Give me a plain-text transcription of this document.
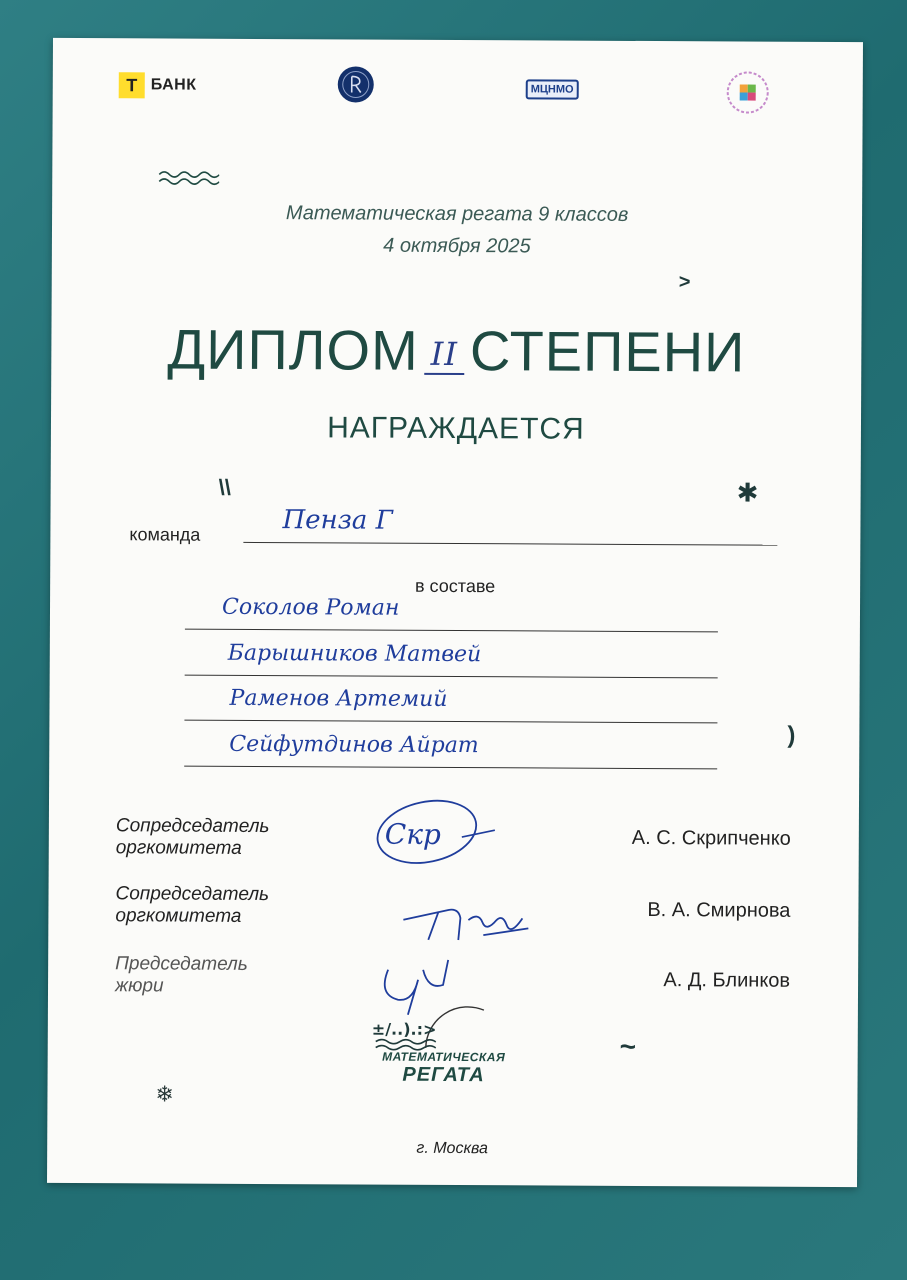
Т БАНК	МЦНМО
Математическая регата 9 классов
4 октября 2025
>
ДИПЛОМ II СТЕПЕНИ
НАГРАЖДАЕТСЯ
\\	✱
команда	Пенза Г
в составе
Соколов Роман
Барышников Матвей
Раменов Артемий
Сейфутдинов Айрат	)
Сопредседатель
оргкомитета	Скр	А. С. Скрипченко
Сопредседатель
оргкомитета	В. А. Смирнова
Председатель
жюри	А. Д. Блинков
~
❄
±/..).:>
МАТЕМАТИЧЕСКАЯ
РЕГАТА
г. Москва
